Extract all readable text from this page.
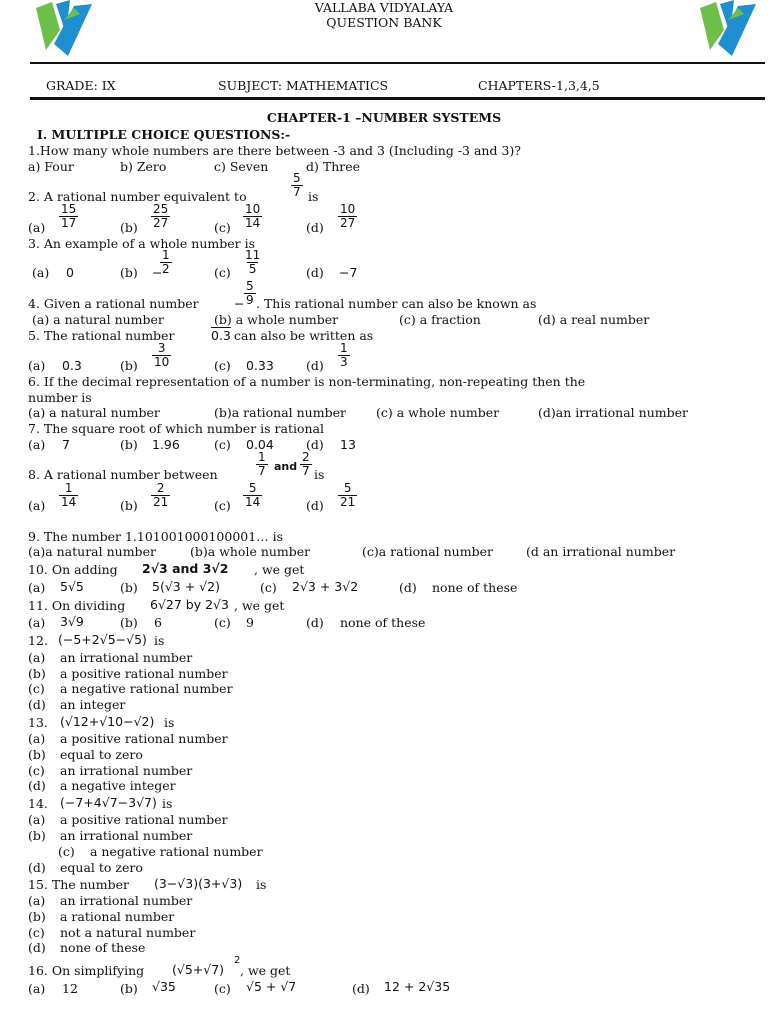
VALLABA VIDYALAYA
QUESTION BANK
GRADE: IX	SUBJECT: MATHEMATICS	CHAPTERS-1,3,4,5
CHAPTER-1 –NUMBER SYSTEMS
I. MULTIPLE CHOICE QUESTIONS:-
1.How many whole numbers are there between -3 and 3 (Including -3 and 3)?
a) Four	b) Zero	c) Seven	d) Three
2. A rational number equivalent to	$\frac{5}{7}$ is
$(a) \frac{15}{17}$	$(b) \frac{25}{27}$	$(c) \frac{10}{14}$	$(d) \frac{10}{27}$
3. An example of a whole number is
(a) 0	(b) −
$\frac{1}{2}$	$(c) \frac{11}{5}$	(d) −7
4. Given a rational number	− $\frac{5}{9}$ . This rational number can also be known as
(a) a natural number	(b) a whole number	(c) a fraction	(d) a real number
5. The rational number	0.3 can also be written as
(a) 0.3	$(b) \frac{3}{10}$	(c) 0.33	$(d) \frac{1}{3}$
6. If the decimal representation of a number is non-terminating, non-repeating then the
number is
(a) a natural number	(b)a rational number (c) a whole number	(d)an irrational number
7. The square root of which number is rational
(a) 7	(b) 1.96	(c) 0.04	(d) 13
8. A rational number between	$\frac{1}{7}$ and $\frac{2}{7}$ is
$(a) \frac{1}{14}$	$(b) \frac{2}{21}$	$(c) \frac{5}{14}$	$(d) \frac{5}{21}$
9. The number 1.101001000100001… is
(a)a natural number	(b)a whole number	(c)a rational number	(d an irrational number
10. On adding 2√3 and 3√2 , we get
(a) 5√5	(b) 5(√3 + √2)	(c) 2√3 + 3√2	(d) none of these
11. On dividing 6√27 by 2√3 , we get
(a) 3√9	(b) 6	(c) 9	(d) none of these
12. (−5+2√5−√5) is
(a) an irrational number
(b) a positive rational number
(c) a negative rational number
(d) an integer
13. (√12+√10−√2) is
(a) a positive rational number
(b) equal to zero
(c) an irrational number
(d) a negative integer
14. (−7+4√7−3√7) is
(a) a positive rational number
(b) an irrational number
(c) a negative rational number
(d) equal to zero
15. The number (3−√3)(3+√3) is
(a) an irrational number
(b) a rational number
(c) not a natural number
(d) none of these
16. On simplifying (√5+√7)
2
, we get
(a) 12	(b) √35	(c) √5 + √7	(d) 12 + 2√35
